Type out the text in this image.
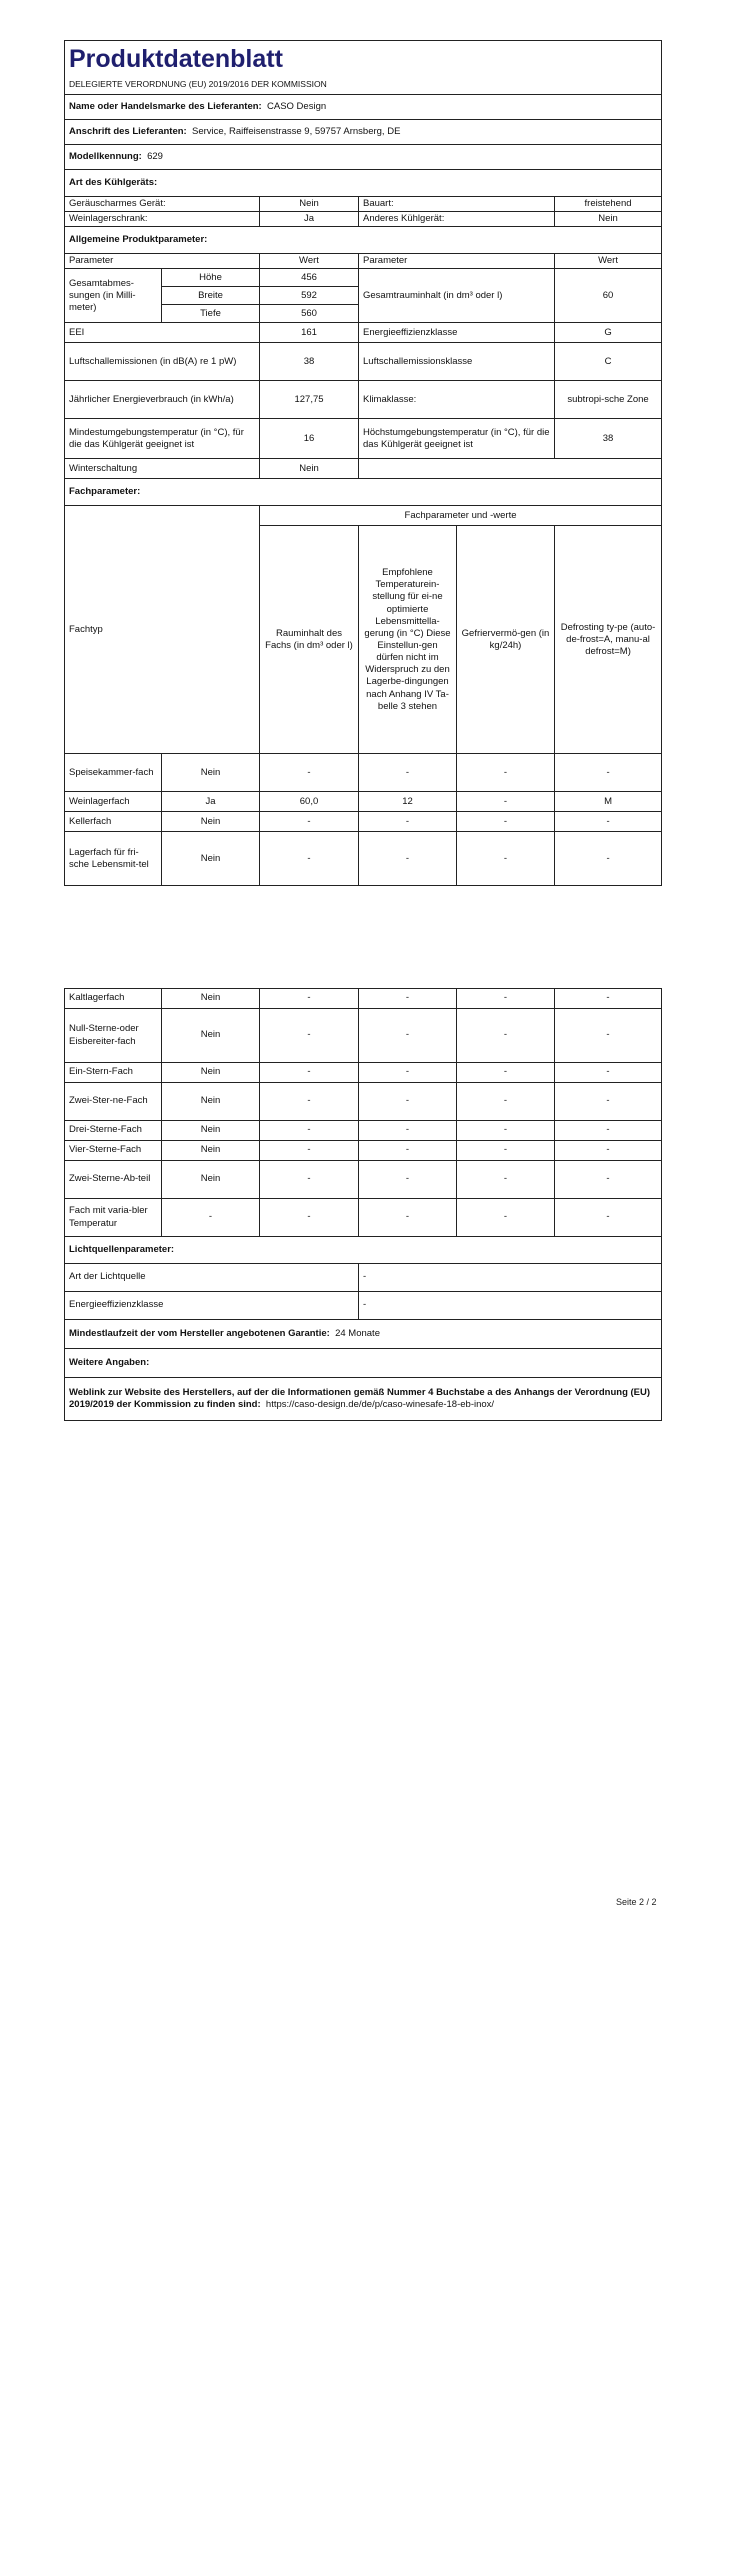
Produktdatenblatt					
DELEGIERTE VERORDNUNG (EU) 2019/2016 DER KOMMISSION					
Name oder Handelsmarke des Lieferanten: CASO Design					
Anschrift des Lieferanten: Service, Raiffeisenstrasse 9, 59757 Arnsberg, DE					
Modellkennung: 629					
Art des Kühlgeräts:					
Geräuscharmes Gerät:		Nein	Bauart:		freistehend
Weinlagerschrank:		Ja	Anderes Kühlgerät:		Nein
Allgemeine Produktparameter:					
Parameter		Wert	Parameter		Wert
Gesamtabmes-sungen (in Milli-meter)	Höhe	456	Gesamtrauminhalt (in dm³ oder l)		60
	Breite	592			
	Tiefe	560			
EEI		161	Energieeffizienzklasse		G
Luftschallemissionen (in dB(A) re 1 pW)		38	Luftschallemissionsklasse		C
Jährlicher Energieverbrauch (in kWh/a)		127,75	Klimaklasse:		subtropi-sche Zone
Mindestumgebungstemperatur (in °C), für die das Kühlgerät geeignet ist		16	Höchstumgebungstemperatur (in °C), für die das Kühlgerät geeignet ist		38
Winterschaltung		Nein			
Fachparameter:					
Fachtyp		Fachparameter und -werte			
		Rauminhalt des Fachs (in dm³ oder l)	Empfohlene Temperaturein-stellung für ei-ne optimierte Lebensmittella-gerung (in °C) Diese Einstellun-gen dürfen nicht im Widerspruch zu den Lagerbe-dingungen nach Anhang IV Ta-belle 3 stehen	Gefriervermö-gen (in kg/24h)	Defrosting ty-pe (auto-de-frost=A, manu-al defrost=M)
Speisekammer-fach	Nein	-	-	-	-
Weinlagerfach	Ja	60,0	12	-	M
Kellerfach	Nein	-	-	-	-
Lagerfach für fri-sche Lebensmit-tel	Nein	-	-	-	-
Kaltlagerfach	Nein	-	-	-	-
Null-Sterne-oder Eisbereiter-fach	Nein	-	-	-	-
Ein-Stern-Fach	Nein	-	-	-	-
Zwei-Ster-ne-Fach	Nein	-	-	-	-
Drei-Sterne-Fach	Nein	-	-	-	-
Vier-Sterne-Fach	Nein	-	-	-	-
Zwei-Sterne-Ab-teil	Nein	-	-	-	-
Fach mit varia-bler Temperatur	-	-	-	-	-
Lichtquellenparameter:					
Art der Lichtquelle			-		
Energieeffizienzklasse			-		
Mindestlaufzeit der vom Hersteller angebotenen Garantie: 24 Monate					
Weitere Angaben:					
Weblink zur Website des Herstellers, auf der die Informationen gemäß Nummer 4 Buchstabe a des Anhangs der Verordnung (EU) 2019/2019 der Kommission zu finden sind: https://caso-design.de/de/p/caso-winesafe-18-eb-inox/					
Seite 2 / 2
